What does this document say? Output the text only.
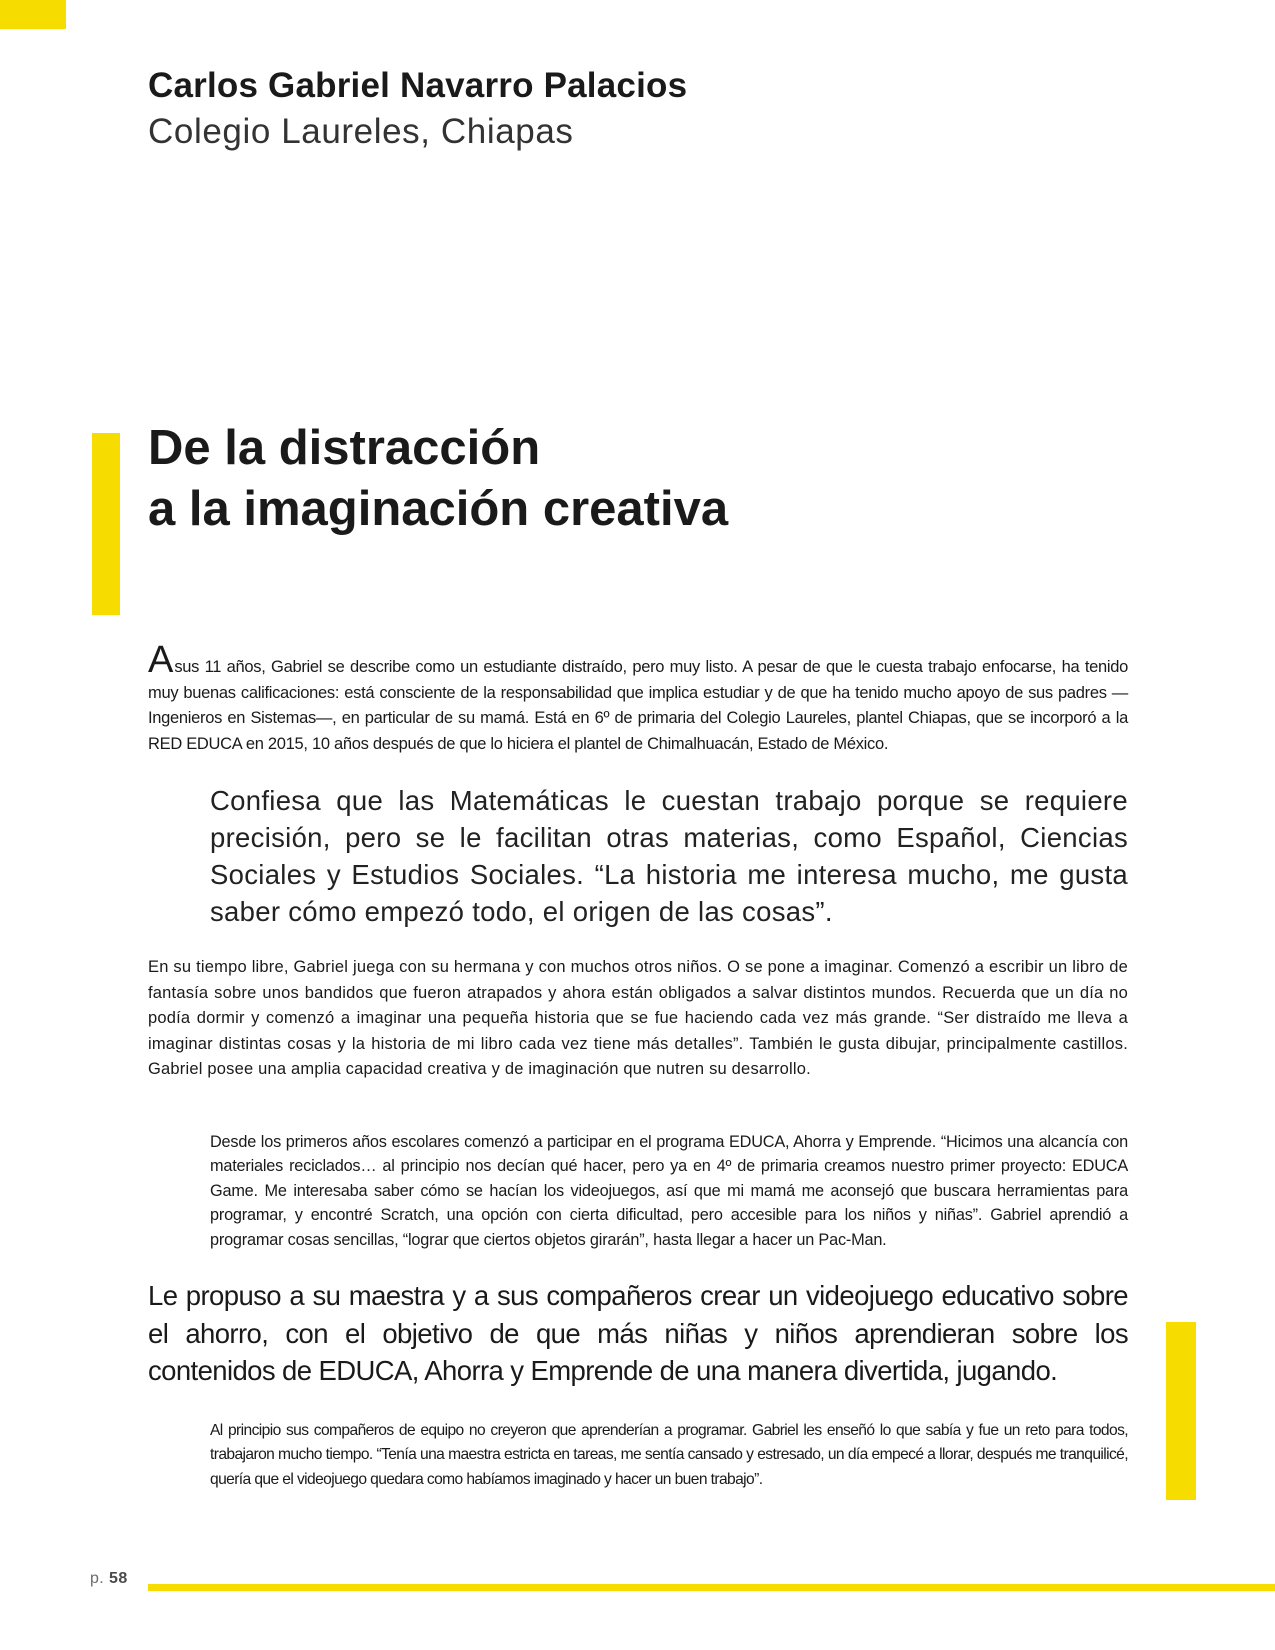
Carlos Gabriel Navarro Palacios
Colegio Laureles, Chiapas
De la distracción
a la imaginación creativa

Asus 11 años, Gabriel se describe como un estudiante distraído, pero muy listo. A pesar de que le cuesta trabajo enfocarse, ha tenido muy buenas calificaciones: está consciente de la responsabilidad que implica estudiar y de que ha tenido mucho apoyo de sus padres —Ingenieros en Sistemas—, en particular de su mamá. Está en 6º de primaria del Colegio Laureles, plantel Chiapas, que se incorporó a la RED EDUCA en 2015, 10 años después de que lo hiciera el plantel de Chimalhuacán, Estado de México.

Confiesa que las Matemáticas le cuestan trabajo porque se requiere precisión, pero se le facilitan otras materias, como Español, Ciencias Sociales y Estudios Sociales. “La historia me interesa mucho, me gusta saber cómo empezó todo, el origen de las cosas”.

En su tiempo libre, Gabriel juega con su hermana y con muchos otros niños. O se pone a imaginar. Comenzó a escribir un libro de fantasía sobre unos bandidos que fueron atrapados y ahora están obligados a salvar distintos mundos. Recuerda que un día no podía dormir y comenzó a imaginar una pequeña historia que se fue haciendo cada vez más grande. “Ser distraído me lleva a imaginar distintas cosas y la historia de mi libro cada vez tiene más detalles”. También le gusta dibujar, principalmente castillos. Gabriel posee una amplia capacidad creativa y de imaginación que nutren su desarrollo.

Desde los primeros años escolares comenzó a participar en el programa EDUCA, Ahorra y Emprende. “Hicimos una alcancía con materiales reciclados… al principio nos decían qué hacer, pero ya en 4º de primaria creamos nuestro primer proyecto: EDUCA Game. Me interesaba saber cómo se hacían los videojuegos, así que mi mamá me aconsejó que buscara herramientas para programar, y encontré Scratch, una opción con cierta dificultad, pero accesible para los niños y niñas”. Gabriel aprendió a programar cosas sencillas, “lograr que ciertos objetos girarán”, hasta llegar a hacer un Pac-Man.

Le propuso a su maestra y a sus compañeros crear un videojuego educativo sobre el ahorro, con el objetivo de que más niñas y niños aprendieran sobre los contenidos de EDUCA, Ahorra y Emprende de una manera divertida, jugando.

Al principio sus compañeros de equipo no creyeron que aprenderían a programar. Gabriel les enseñó lo que sabía y fue un reto para todos, trabajaron mucho tiempo. “Tenía una maestra estricta en tareas, me sentía cansado y estresado, un día empecé a llorar, después me tranquilicé, quería que el videojuego quedara como habíamos imaginado y hacer un buen trabajo”.

p. 58
